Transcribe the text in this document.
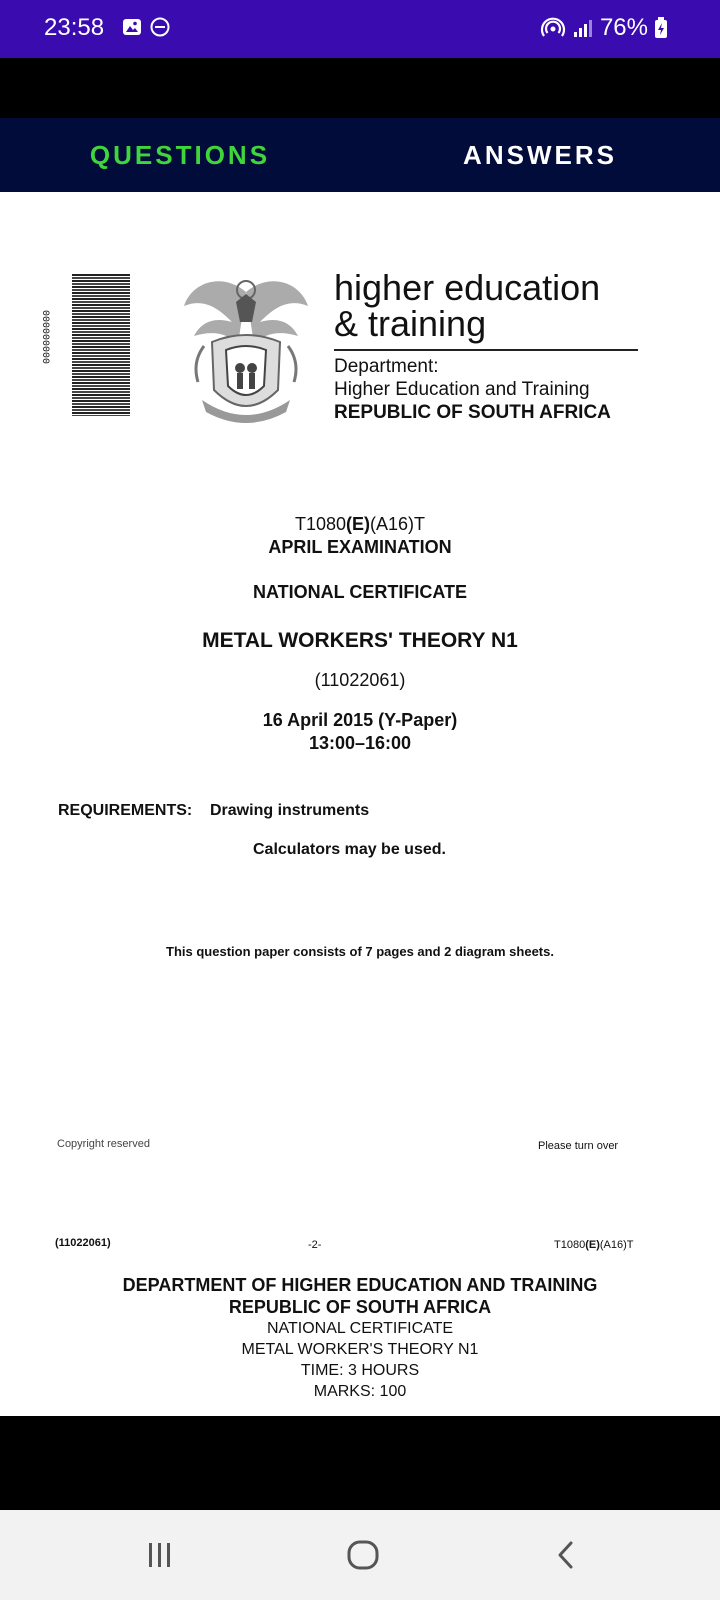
23:58	76%
QUESTIONS	ANSWERS
000000000
higher education
& training
Department:
Higher Education and Training
REPUBLIC OF SOUTH AFRICA
T1080(E)(A16)T
APRIL EXAMINATION
NATIONAL CERTIFICATE
METAL WORKERS' THEORY N1
(11022061)
16 April 2015 (Y-Paper)
13:00–16:00
REQUIREMENTS: Drawing instruments
Calculators may be used.
This question paper consists of 7 pages and 2 diagram sheets.
Copyright reserved	Please turn over
(11022061)	-2-	T1080(E)(A16)T
DEPARTMENT OF HIGHER EDUCATION AND TRAINING
REPUBLIC OF SOUTH AFRICA
NATIONAL CERTIFICATE
METAL WORKER'S THEORY N1
TIME: 3 HOURS
MARKS: 100
